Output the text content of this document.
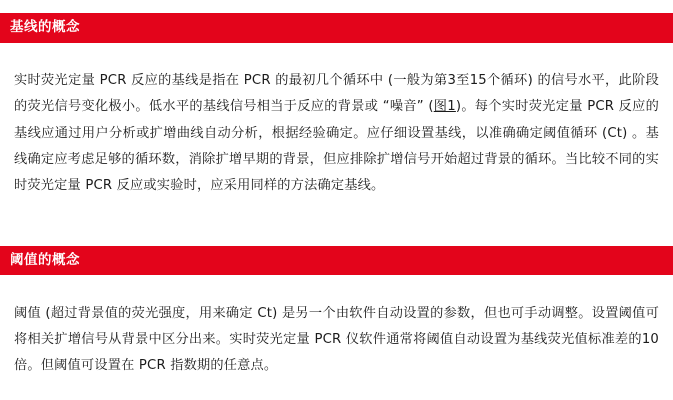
基线的概念

实时荧光定量 PCR 反应的基线是指在 PCR 的最初几个循环中 (一般为第3至15个循环) 的信号水平，此阶段的荧光信号变化极小。低水平的基线信号相当于反应的背景或 “噪音” (图1)。每个实时荧光定量 PCR 反应的基线应通过用户分析或扩增曲线自动分析，根据经验确定。应仔细设置基线，以准确确定阈值循环 (Ct) 。基线确定应考虑足够的循环数，消除扩增早期的背景，但应排除扩增信号开始超过背景的循环。当比较不同的实时荧光定量 PCR 反应或实验时，应采用同样的方法确定基线。

阈值的概念

阈值 (超过背景值的荧光强度，用来确定 Ct) 是另一个由软件自动设置的参数，但也可手动调整。设置阈值可将相关扩增信号从背景中区分出来。实时荧光定量 PCR 仪软件通常将阈值自动设置为基线荧光值标准差的10倍。但阈值可设置在 PCR 指数期的任意点。
